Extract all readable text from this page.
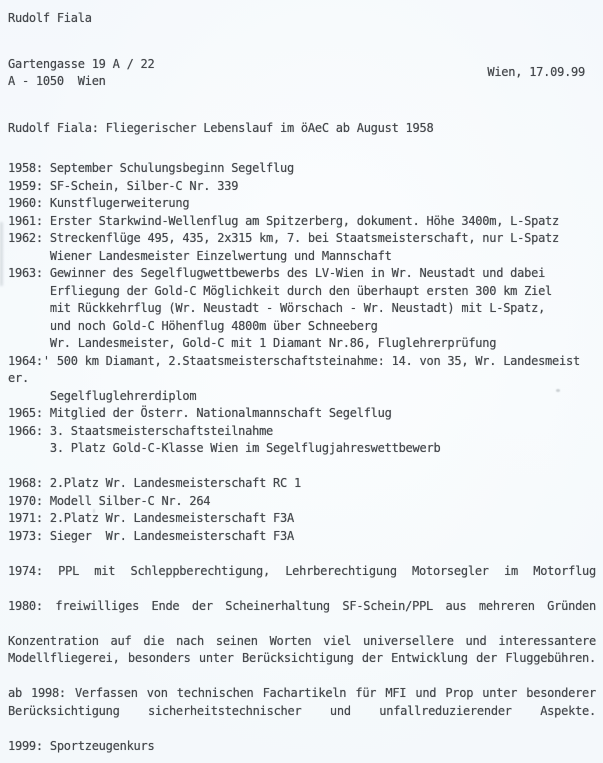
Rudolf Fiala
Gartengasse 19 A / 22
A - 1050  Wien
Wien, 17.09.99
Rudolf Fiala: Fliegerischer Lebenslauf im öAeC ab August 1958
1958: September Schulungsbeginn Segelflug
1959: SF-Schein, Silber-C Nr. 339
1960: Kunstflugerweiterung
1961: Erster Starkwind-Wellenflug am Spitzerberg, dokument. Höhe 3400m, L-Spatz
1962: Streckenflüge 495, 435, 2x315 km, 7. bei Staatsmeisterschaft, nur L-Spatz
Wiener Landesmeister Einzelwertung und Mannschaft
1963: Gewinner des Segelflugwettbewerbs des LV-Wien in Wr. Neustadt und dabei
Erfliegung der Gold-C Möglichkeit durch den überhaupt ersten 300 km Ziel
mit Rückkehrflug (Wr. Neustadt - Wörschach - Wr. Neustadt) mit L-Spatz,
und noch Gold-C Höhenflug 4800m über Schneeberg
Wr. Landesmeister, Gold-C mit 1 Diamant Nr.86, Fluglehrerprüfung
1964:' 500 km Diamant, 2.Staatsmeisterschaftsteinahme: 14. von 35, Wr. Landesmeist
er.
Segelfluglehrerdiplom
1965: Mitglied der Österr. Nationalmannschaft Segelflug
1966: 3. Staatsmeisterschaftsteilnahme
3. Platz Gold-C-Klasse Wien im Segelflugjahreswettbewerb
1968: 2.Platz Wr. Landesmeisterschaft RC 1
1970: Modell Silber-C Nr. 264
1971: 2.Platz Wr. Landesmeisterschaft F3A
1973: Sieger  Wr. Landesmeisterschaft F3A
1974: PPL mit Schleppberechtigung, Lehrberechtigung Motorsegler im Motorflug
1980: freiwilliges Ende der Scheinerhaltung SF-Schein/PPL aus mehreren Gründen
Konzentration auf die nach seinen Worten viel universellere und interessantere
Modellfliegerei, besonders unter Berücksichtigung der Entwicklung der Fluggebühren.
ab 1998: Verfassen von technischen Fachartikeln für MFI und Prop unter besonderer
Berücksichtigung sicherheitstechnischer und unfallreduzierender Aspekte.
1999: Sportzeugenkurs
